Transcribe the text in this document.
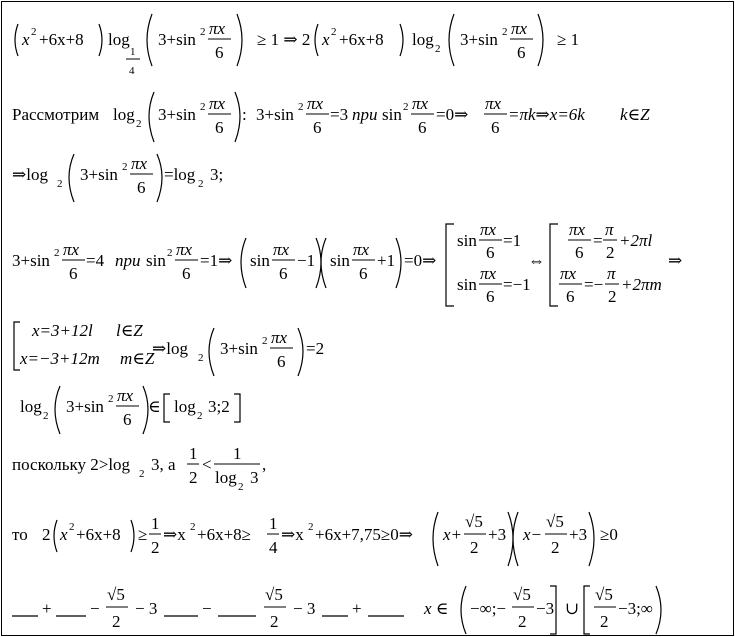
x 2 +6x+8 log
1
4
3+sin 2 πx
6
≥ 1 ⇒ 2 x 2 +6x+8 log 2 3+sin 2 πx
6
≥ 1
Рассмотрим log 2 3+sin 2 πx
6
: 3+sin 2 πx
6
=3 при sin 2 πx
6
=0⇒
πx
6
=πk⇒x=6k k∈Z
⇒log 2 3+sin 2 πx
6
=log 2 3;
3+sin 2 πx
6
=4 при sin 2 πx
6
=1⇒ sin
πx
6
−1 sin
πx
6
+1 =0⇒
sin
πx
6
=1
sin
πx
6
=−1
⇔
πx
6
=
π
2
+2πl
πx
6
=−
π
2
+2πm
⇒
x=3+12l l∈Z
x=−3+12m m∈Z
⇒log 2 3+sin 2 πx
6
=2
log 2 3+sin 2 πx
6
∈ log 2 3;2
поскольку 2>log 2 3, а
1
2
<
1
log 2 3
,
то 2 x 2 +6x+8 ≥
1
2
⇒x 2 +6x+8≥
1
4
⇒x 2 +6x+7,75≥0⇒ x+
√5
2
+3 x−
√5
2
+3 ≥0
+ −
√5
2
− 3	−
√5
2
− 3 +	x ∈ −∞;−
√5
2
−3 ∪
√5
2
−3;∞
